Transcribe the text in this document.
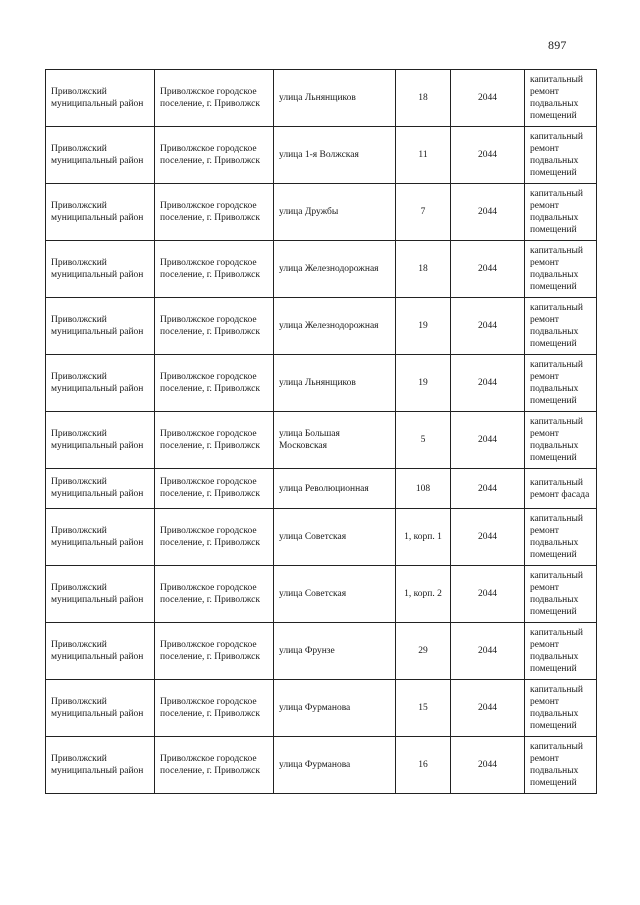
897
Приволжский муниципальный район	Приволжское городское поселение, г. Приволжск	улица Льнянщиков	18	2044	капитальный ремонт подвальных помещений
Приволжский муниципальный район	Приволжское городское поселение, г. Приволжск	улица 1-я Волжская	11	2044	капитальный ремонт подвальных помещений
Приволжский муниципальный район	Приволжское городское поселение, г. Приволжск	улица Дружбы	7	2044	капитальный ремонт подвальных помещений
Приволжский муниципальный район	Приволжское городское поселение, г. Приволжск	улица Железнодорожная	18	2044	капитальный ремонт подвальных помещений
Приволжский муниципальный район	Приволжское городское поселение, г. Приволжск	улица Железнодорожная	19	2044	капитальный ремонт подвальных помещений
Приволжский муниципальный район	Приволжское городское поселение, г. Приволжск	улица Льнянщиков	19	2044	капитальный ремонт подвальных помещений
Приволжский муниципальный район	Приволжское городское поселение, г. Приволжск	улица Большая Московская	5	2044	капитальный ремонт подвальных помещений
Приволжский муниципальный район	Приволжское городское поселение, г. Приволжск	улица Революционная	108	2044	капитальный ремонт фасада
Приволжский муниципальный район	Приволжское городское поселение, г. Приволжск	улица Советская	1, корп. 1	2044	капитальный ремонт подвальных помещений
Приволжский муниципальный район	Приволжское городское поселение, г. Приволжск	улица Советская	1, корп. 2	2044	капитальный ремонт подвальных помещений
Приволжский муниципальный район	Приволжское городское поселение, г. Приволжск	улица Фрунзе	29	2044	капитальный ремонт подвальных помещений
Приволжский муниципальный район	Приволжское городское поселение, г. Приволжск	улица Фурманова	15	2044	капитальный ремонт подвальных помещений
Приволжский муниципальный район	Приволжское городское поселение, г. Приволжск	улица Фурманова	16	2044	капитальный ремонт подвальных помещений
